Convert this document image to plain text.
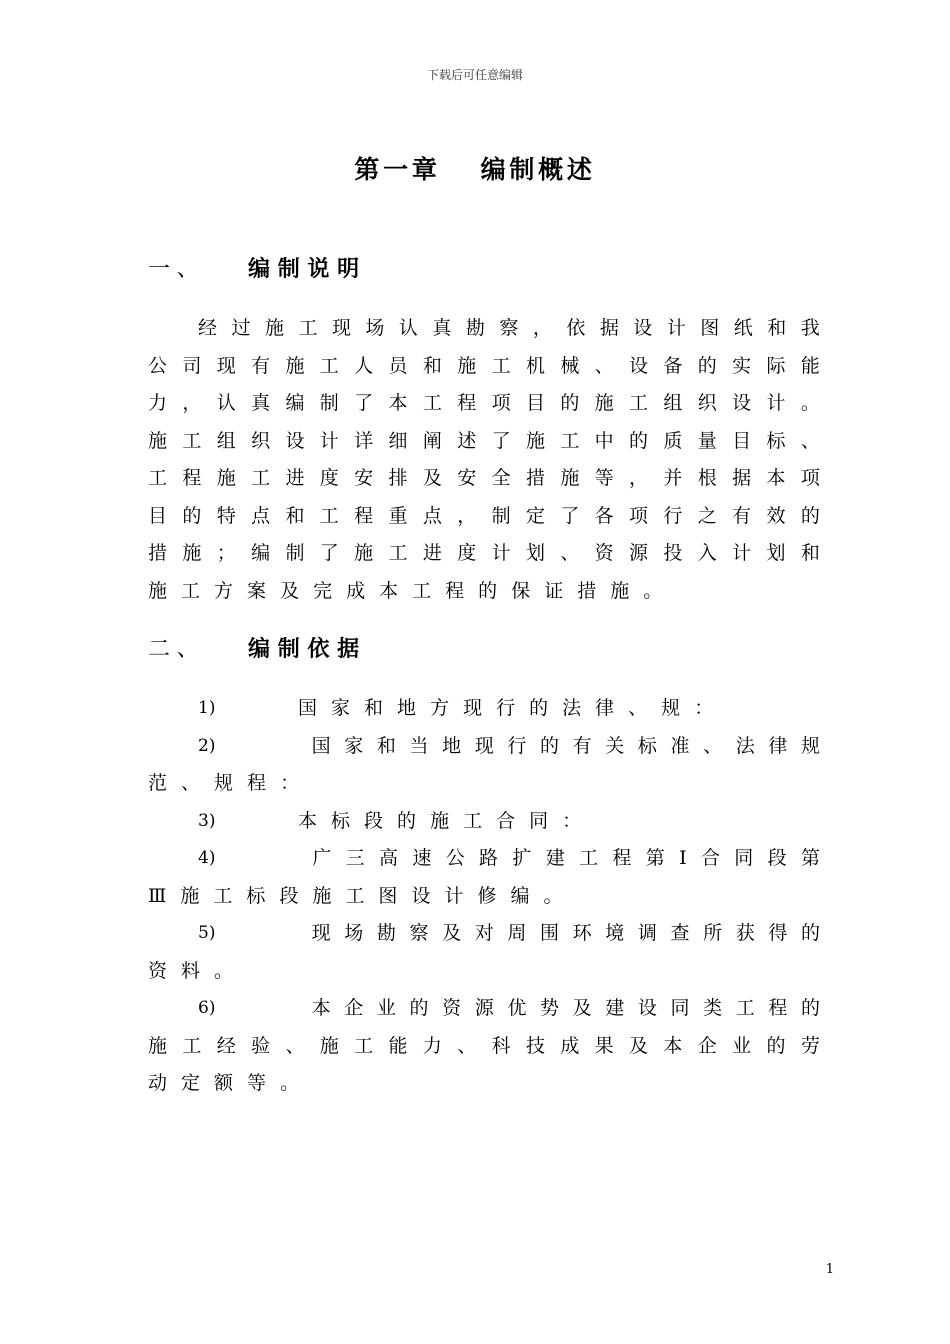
下载后可任意编辑
第一章 编制概述
一、 编制说明
经 过 施 工 现 场 认 真 勘 察 ， 依 据 设 计 图 纸 和 我
公 司 现 有 施 工 人 员 和 施 工 机 械 、 设 备 的 实 际 能
力 ， 认 真 编 制 了 本 工 程 项 目 的 施 工 组 织 设 计 。
施 工 组 织 设 计 详 细 阐 述 了 施 工 中 的 质 量 目 标 、
工 程 施 工 进 度 安 排 及 安 全 措 施 等 ， 并 根 据 本 项
目 的 特 点 和 工 程 重 点 ， 制 定 了 各 项 行 之 有 效 的
措 施 ； 编 制 了 施 工 进 度 计 划 、 资 源 投 入 计 划 和
施 工 方 案 及 完 成 本 工 程 的 保 证 措 施 。
二、 编制依据
1)	国 家 和 地 方 现 行 的 法 律 、 规 ：
2)	国 家 和 当 地 现 行 的 有 关 标 准 、 法 律 规
范 、 规 程 ：
3)	本 标 段 的 施 工 合 同 ：
4)	广 三 高 速 公 路 扩 建 工 程 第 Ⅰ 合 同 段 第
Ⅲ 施 工 标 段 施 工 图 设 计 修 编 。
5)	现 场 勘 察 及 对 周 围 环 境 调 查 所 获 得 的
资 料 。
6)	本 企 业 的 资 源 优 势 及 建 设 同 类 工 程 的
施 工 经 验 、 施 工 能 力 、 科 技 成 果 及 本 企 业 的 劳
动 定 额 等 。
1
